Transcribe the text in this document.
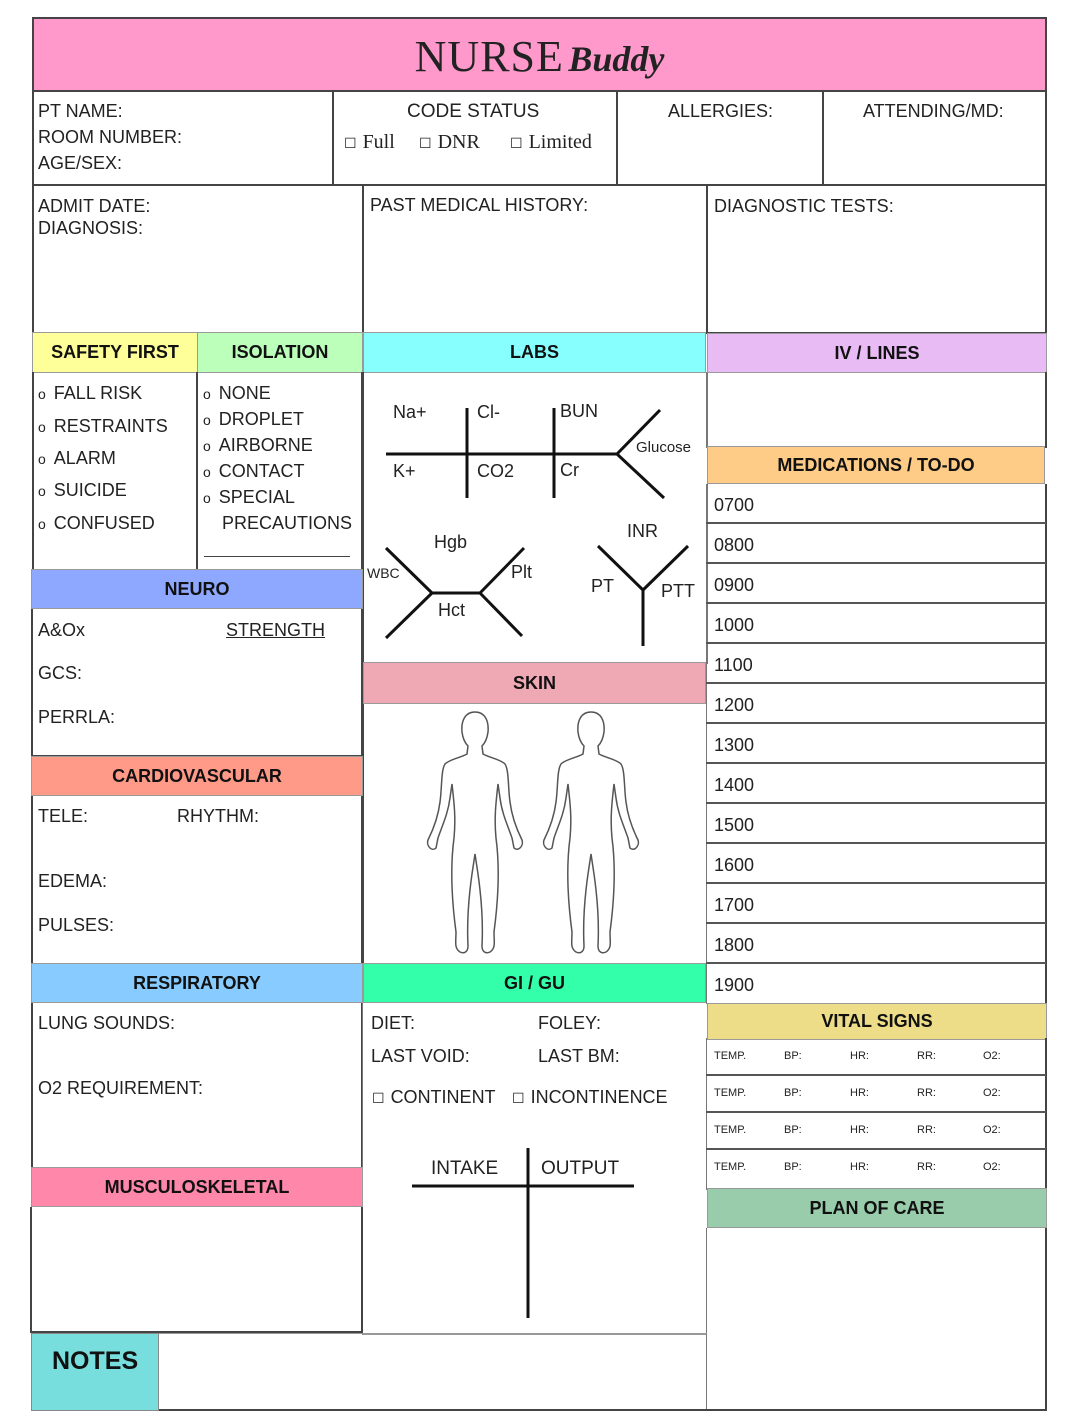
NURSE Buddy
PT NAME:
ROOM NUMBER:
AGE/SEX:
CODE STATUS
☐ Full ☐ DNR ☐ Limited
ALLERGIES:	ATTENDING/MD:
ADMIT DATE:
DIAGNOSIS:
PAST MEDICAL HISTORY:	DIAGNOSTIC TESTS:
SAFETY FIRST	ISOLATION
o FALL RISK
o RESTRAINTS
o ALARM
o SUICIDE
o CONFUSED
o NONE
o DROPLET
o AIRBORNE
o CONTACT
o SPECIAL
PRECAUTIONS
LABS
Na+	Cl-	BUN
K+	CO2	Cr
Glucose
Hgb
WBC	Plt
Hct
INR
PT	PTT
IV / LINES
MEDICATIONS / TO-DO
0700
0800
0900
1000
1100
1200
1300
1400
1500
1600
1700
1800
1900
NEURO
A&Ox	STRENGTH
GCS:
PERRLA:
SKIN
CARDIOVASCULAR
TELE:	RHYTHM:
EDEMA:
PULSES:
RESPIRATORY
LUNG SOUNDS:
O2 REQUIREMENT:
GI / GU
DIET:	FOLEY:
LAST VOID:	LAST BM:
☐ CONTINENT ☐ INCONTINENCE
INTAKE OUTPUT
VITAL SIGNS
TEMP.	BP:	HR:	RR:	O2:
TEMP.	BP:	HR:	RR:	O2:
TEMP.	BP:	HR:	RR:	O2:
TEMP.	BP:	HR:	RR:	O2:
PLAN OF CARE
MUSCULOSKELETAL
NOTES
